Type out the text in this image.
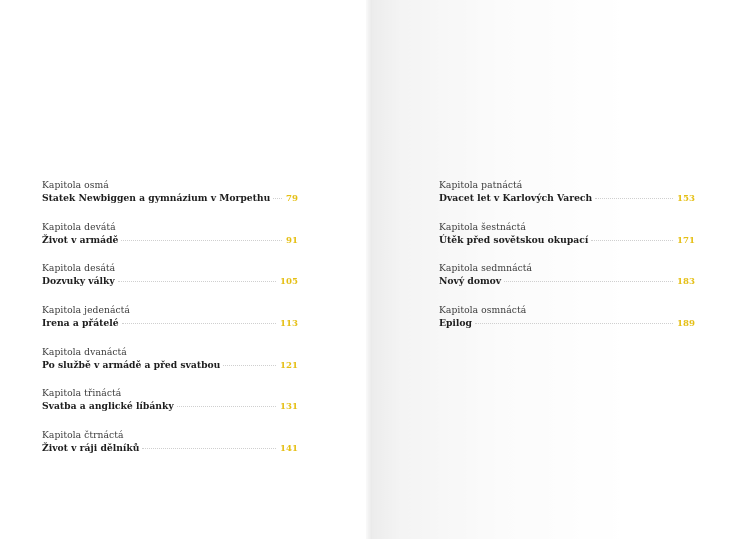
Kapitola osmá
Statek Newbiggen a gymnázium v Morpethu 79
Kapitola devátá
Život v armádě	91
Kapitola desátá
Dozvuky války	105
Kapitola jedenáctá
Irena a přátelé	113
Kapitola dvanáctá
Po službě v armádě a před svatbou	121
Kapitola třináctá
Svatba a anglické líbánky	131
Kapitola čtrnáctá
Život v ráji dělníků	141
Kapitola patnáctá
Dvacet let v Karlových Varech	153
Kapitola šestnáctá
Útěk před sovětskou okupací	171
Kapitola sedmnáctá
Nový domov	183
Kapitola osmnáctá
Epilog	189
